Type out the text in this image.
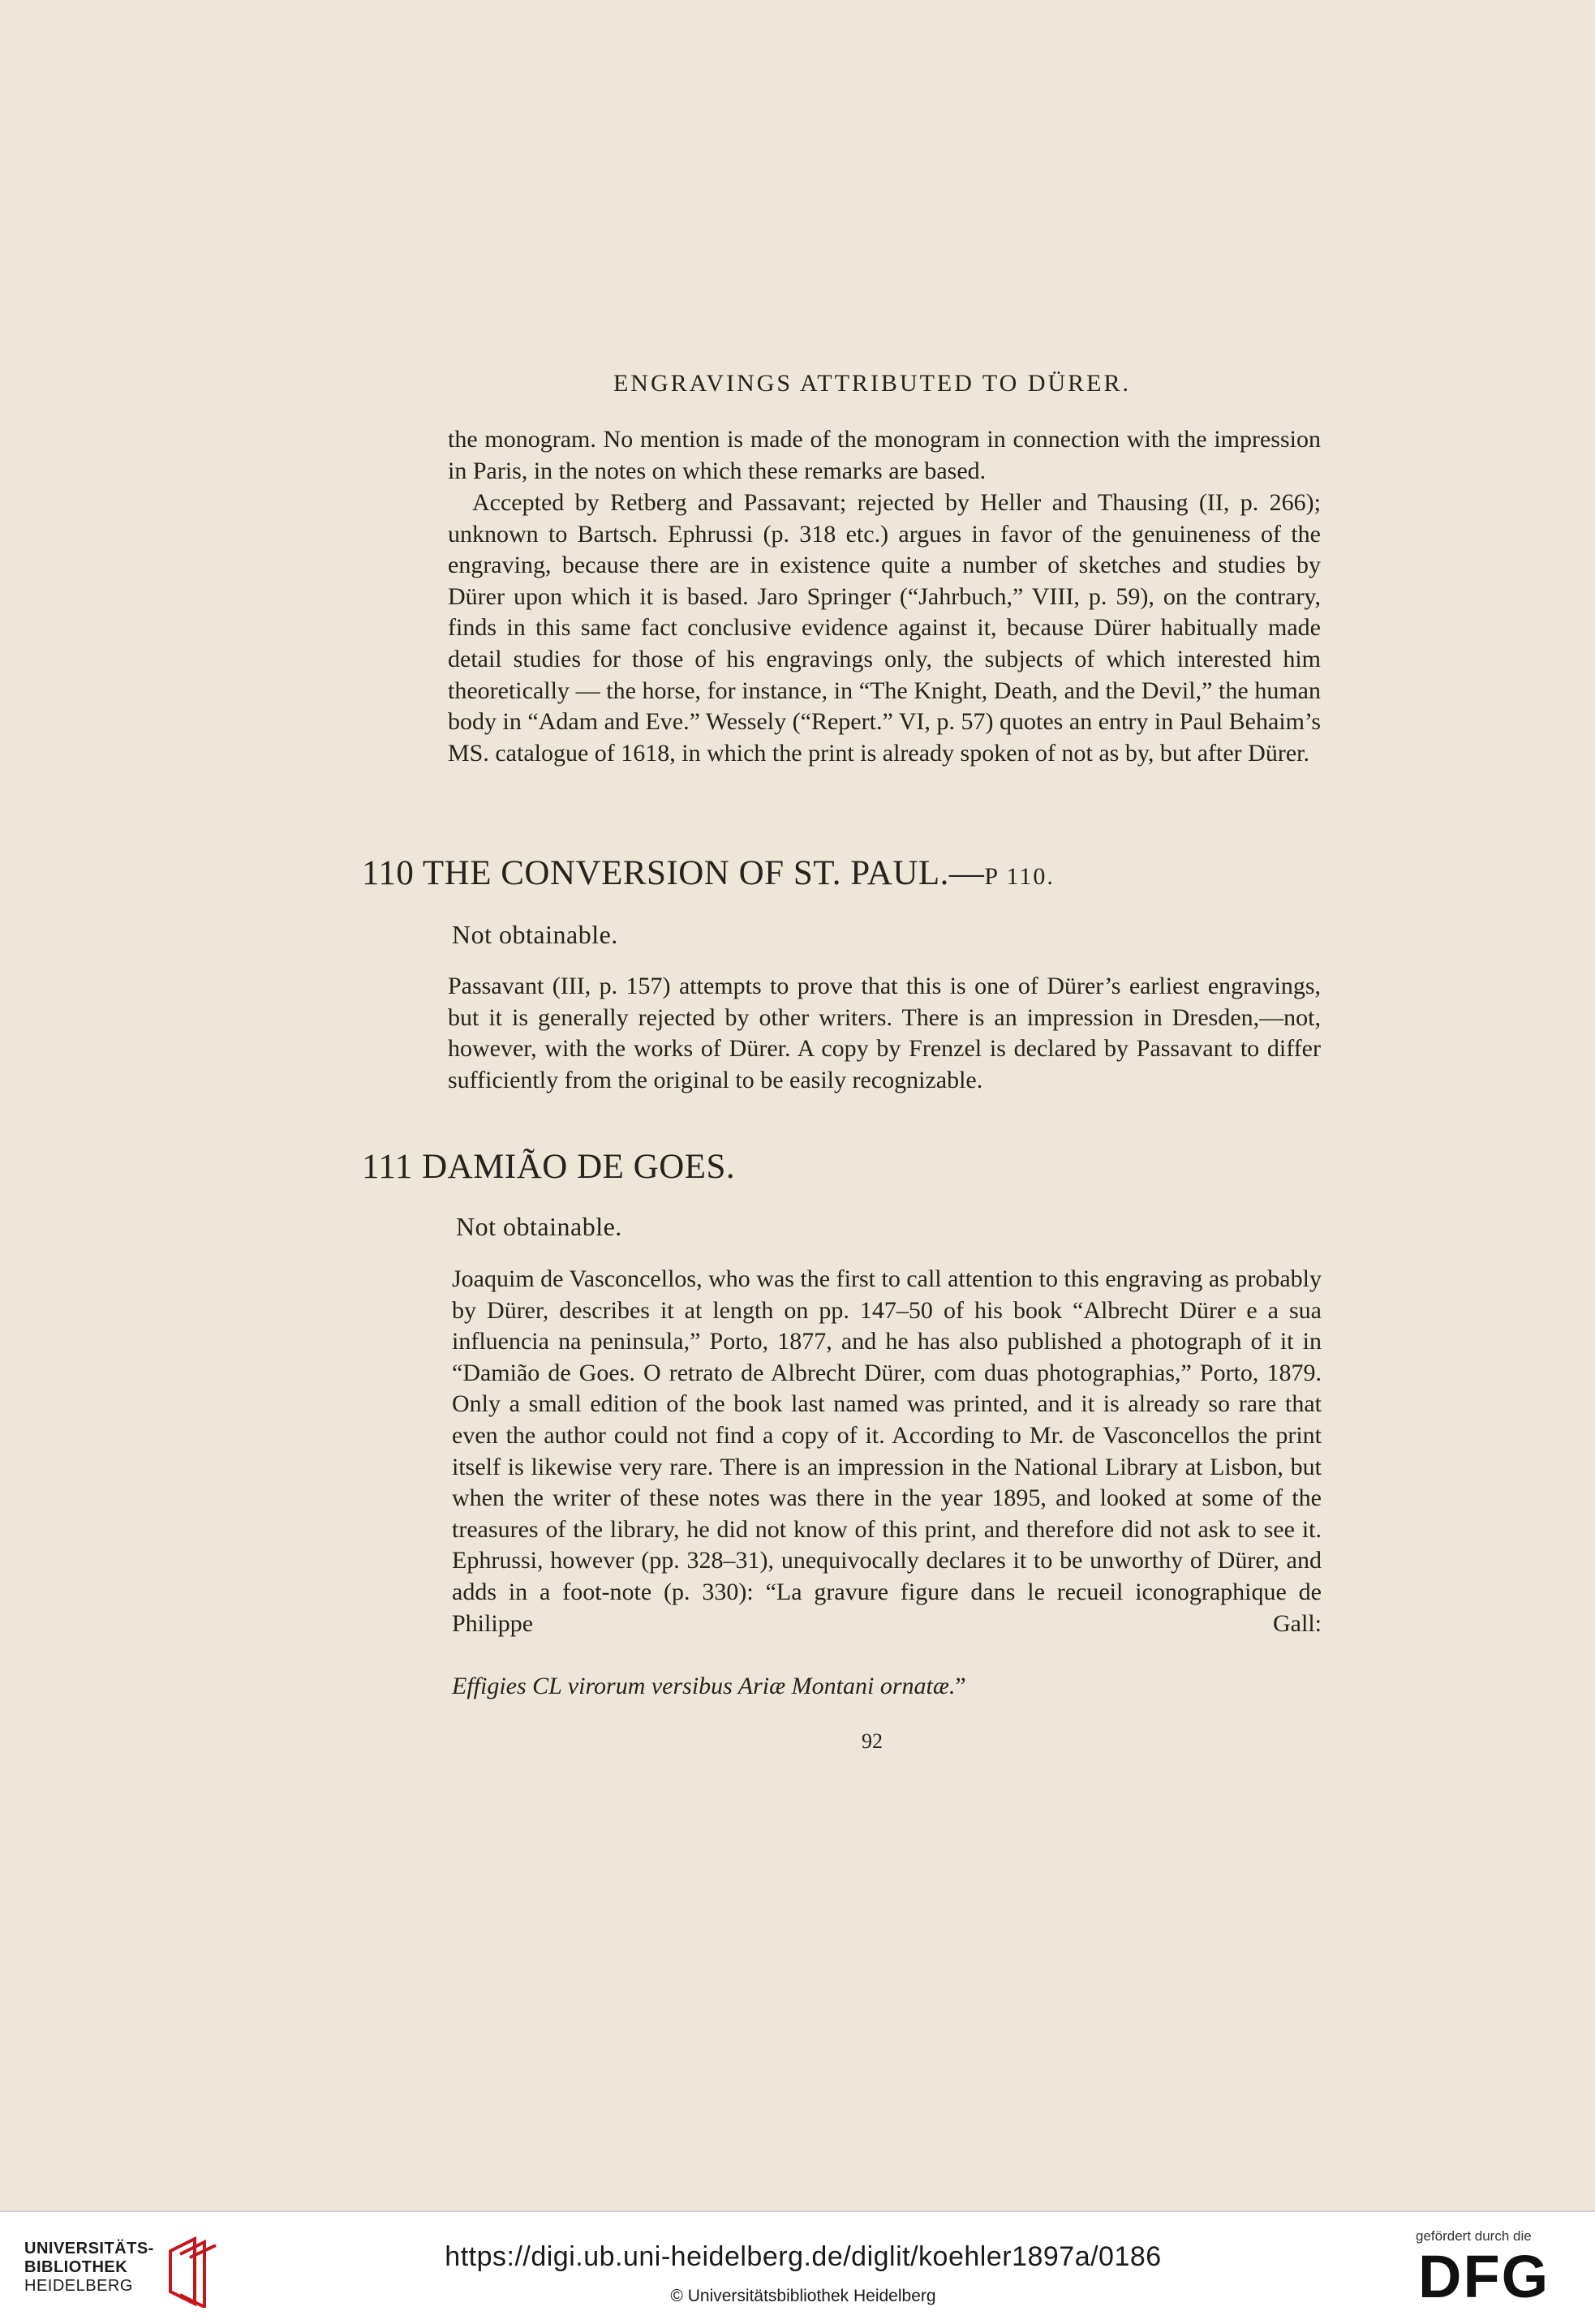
ENGRAVINGS ATTRIBUTED TO DÜRER.

the monogram. No mention is made of the monogram in connection with the impression in Paris, in the notes on which these remarks are based.

Accepted by Retberg and Passavant; rejected by Heller and Thausing (II, p. 266); unknown to Bartsch. Ephrussi (p. 318 etc.) argues in favor of the genuineness of the engraving, because there are in existence quite a number of sketches and studies by Dürer upon which it is based. Jaro Springer (“Jahrbuch,” VIII, p. 59), on the contrary, finds in this same fact conclusive evidence against it, because Dürer habitually made detail studies for those of his engravings only, the subjects of which interested him theoretically — the horse, for instance, in “The Knight, Death, and the Devil,” the human body in “Adam and Eve.” Wessely (“Repert.” VI, p. 57) quotes an entry in Paul Behaim’s MS. catalogue of 1618, in which the print is already spoken of not as by, but after Dürer.

110 THE CONVERSION OF ST. PAUL.—P 110.
Not obtainable.

Passavant (III, p. 157) attempts to prove that this is one of Dürer’s earliest engravings, but it is generally rejected by other writers. There is an impression in Dresden,—not, however, with the works of Dürer. A copy by Frenzel is declared by Passavant to differ sufficiently from the original to be easily recognizable.

111 DAMIÃO DE GOES.
Not obtainable.

Joaquim de Vasconcellos, who was the first to call attention to this engraving as probably by Dürer, describes it at length on pp. 147–50 of his book “Albrecht Dürer e a sua influencia na peninsula,” Porto, 1877, and he has also published a photograph of it in “Damião de Goes. O retrato de Albrecht Dürer, com duas photographias,” Porto, 1879. Only a small edition of the book last named was printed, and it is already so rare that even the author could not find a copy of it. According to Mr. de Vasconcellos the print itself is likewise very rare. There is an impression in the National Library at Lisbon, but when the writer of these notes was there in the year 1895, and looked at some of the treasures of the library, he did not know of this print, and therefore did not ask to see it. Ephrussi, however (pp. 328–31), unequivocally declares it to be unworthy of Dürer, and adds in a foot-note (p. 330): “La gravure figure dans le recueil iconographique de Philippe Gall:

Effigies CL virorum versibus Ariæ Montani ornatæ.”

92
UNIVERSITÄTS-
BIBLIOTHEK
HEIDELBERG
https://digi.ub.uni-heidelberg.de/diglit/koehler1897a/0186
© Universitätsbibliothek Heidelberg
gefördert durch die
DFG
